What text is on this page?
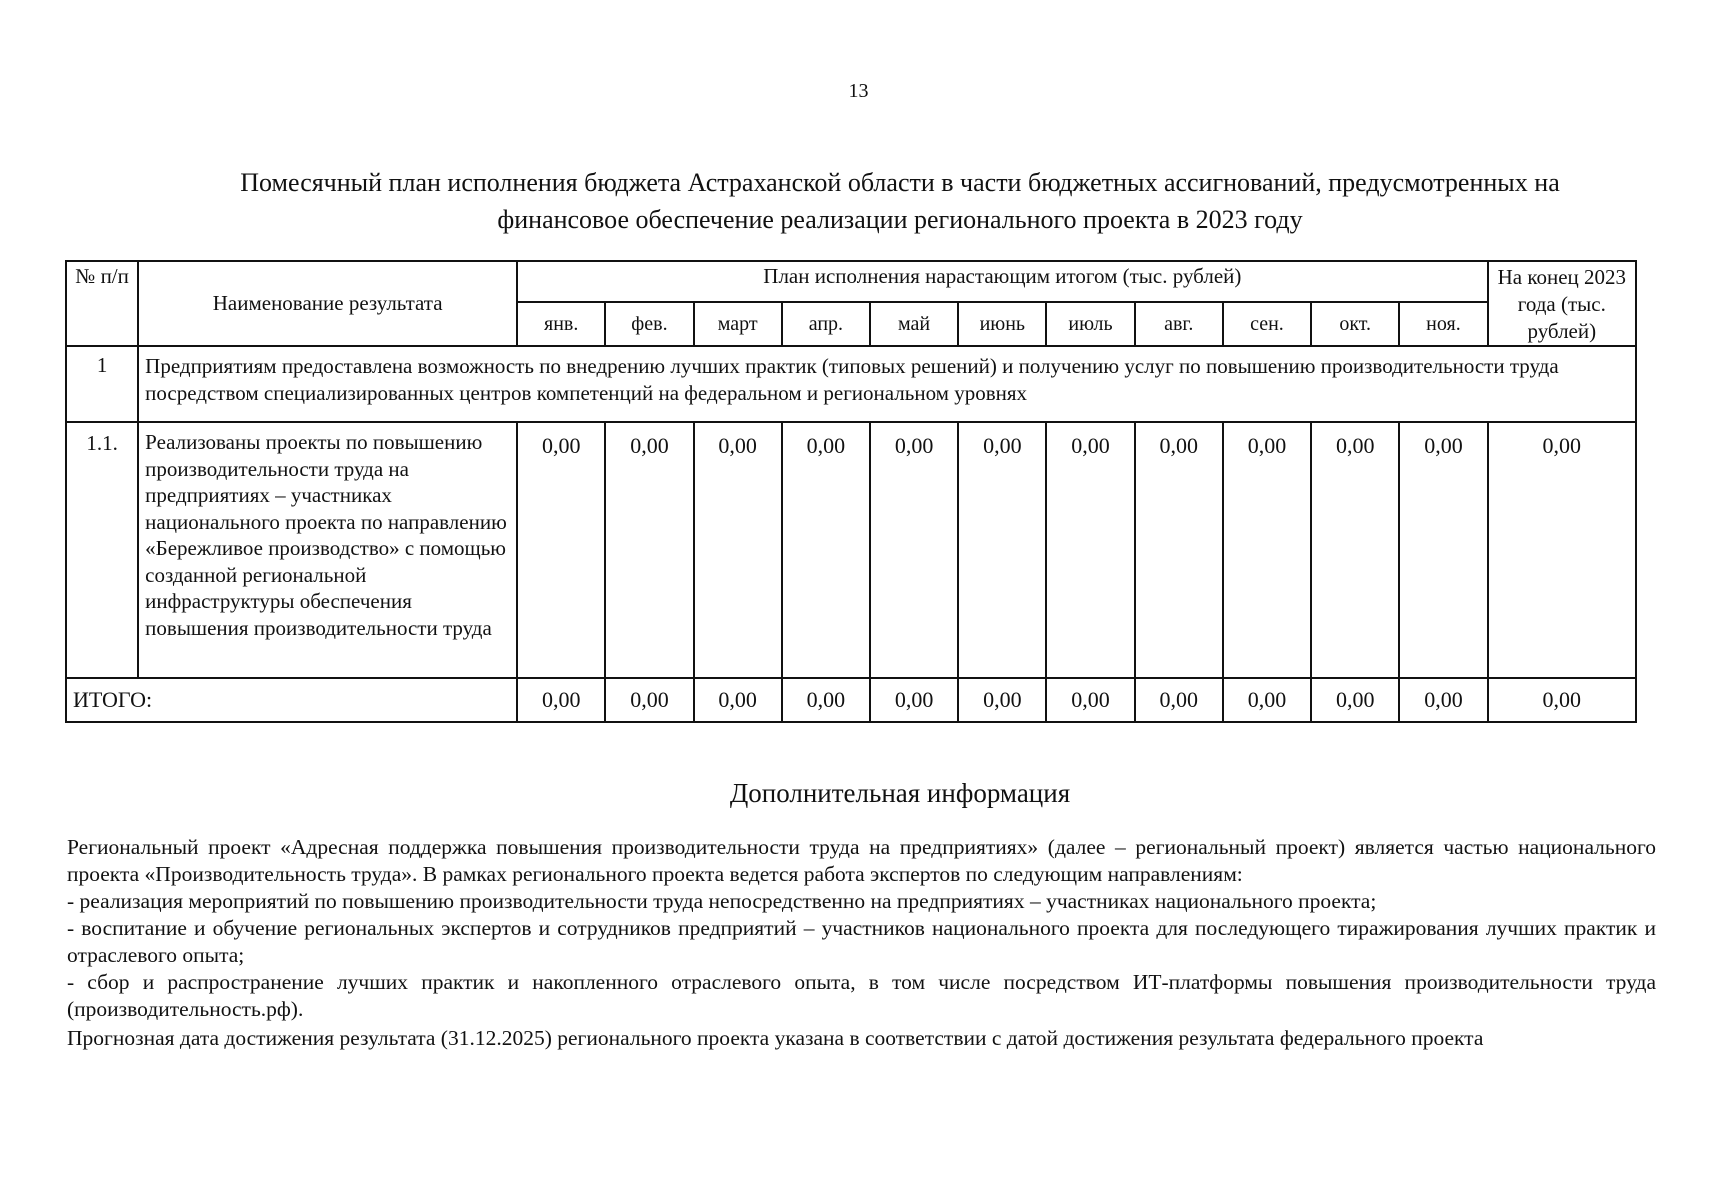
13
Помесячный план исполнения бюджета Астраханской области в части бюджетных ассигнований, предусмотренных на
финансовое обеспечение реализации регионального проекта в 2023 году
№ п/п	Наименование результата	План исполнения нарастающим итогом (тыс. рублей)											На конец 2023 года (тыс. рублей)
		янв.	фев.	март	апр.	май	июнь	июль	авг.	сен.	окт.	ноя.	
1	Предприятиям предоставлена возможность по внедрению лучших практик (типовых решений) и получению услуг по повышению производительности труда посредством специализированных центров компетенций на федеральном и региональном уровнях												
1.1.	Реализованы проекты по повышению производительности труда на предприятиях – участниках национального проекта по направлению «Бережливое производство» с помощью созданной региональной инфраструктуры обеспечения повышения производительности труда	0,00	0,00	0,00	0,00	0,00	0,00	0,00	0,00	0,00	0,00	0,00	0,00
ИТОГО:		0,00	0,00	0,00	0,00	0,00	0,00	0,00	0,00	0,00	0,00	0,00	0,00
Дополнительная информация

Региональный проект «Адресная поддержка повышения производительности труда на предприятиях» (далее – региональный проект) является частью национального проекта «Производительность труда». В рамках регионального проекта ведется работа экспертов по следующим направлениям:

- реализация мероприятий по повышению производительности труда непосредственно на предприятиях – участниках национального проекта;

- воспитание и обучение региональных экспертов и сотрудников предприятий – участников национального проекта для последующего тиражирования лучших практик и отраслевого опыта;

- сбор и распространение лучших практик и накопленного отраслевого опыта, в том числе посредством ИТ-платформы повышения производительности труда (производительность.рф).

Прогнозная дата достижения результата (31.12.2025) регионального проекта указана в соответствии с датой достижения результата федерального проекта
